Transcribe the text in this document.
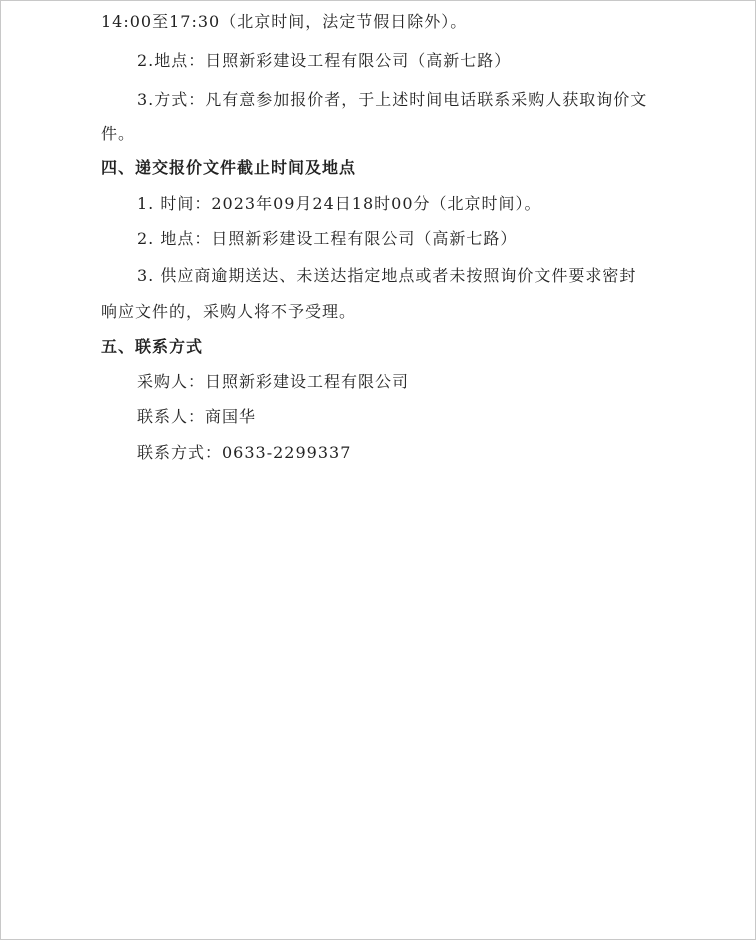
14:00至17:30（北京时间，法定节假日除外）。
2.地点：日照新彩建设工程有限公司（高新七路）
3.方式：凡有意参加报价者，于上述时间电话联系采购人获取询价文
件。
四、递交报价文件截止时间及地点
1. 时间：2023年09月24日18时00分（北京时间）。
2. 地点：日照新彩建设工程有限公司（高新七路）
3. 供应商逾期送达、未送达指定地点或者未按照询价文件要求密封
响应文件的，采购人将不予受理。
五、联系方式
采购人：日照新彩建设工程有限公司
联系人：商国华
联系方式：0633-2299337
